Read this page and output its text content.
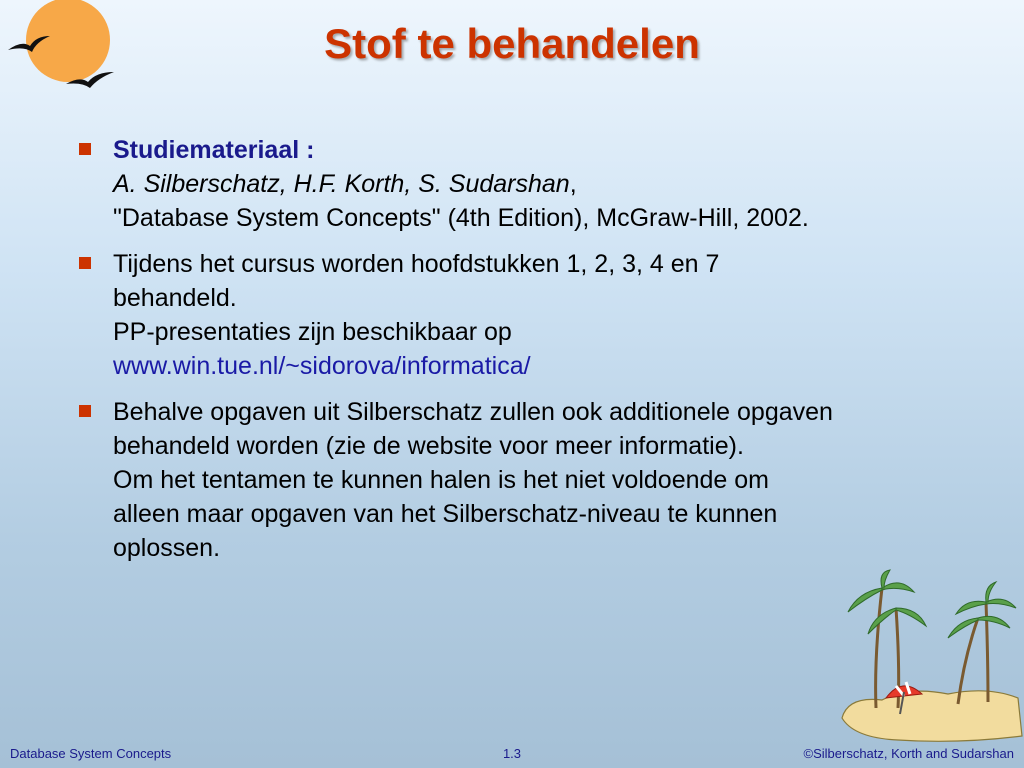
Stof te behandelen
Studiemateriaal :
A. Silberschatz, H.F. Korth, S. Sudarshan,
"Database System Concepts" (4th Edition), McGraw-Hill, 2002.
Tijdens het cursus worden hoofdstukken 1, 2, 3, 4 en 7
behandeld.
PP-presentaties zijn beschikbaar op
www.win.tue.nl/~sidorova/informatica/
Behalve opgaven uit Silberschatz zullen ook additionele opgaven
behandeld worden (zie de website voor meer informatie).
Om het tentamen te kunnen halen is het niet voldoende om
alleen maar opgaven van het Silberschatz-niveau te kunnen
oplossen.
Database System Concepts	1.3	©Silberschatz, Korth and Sudarshan
